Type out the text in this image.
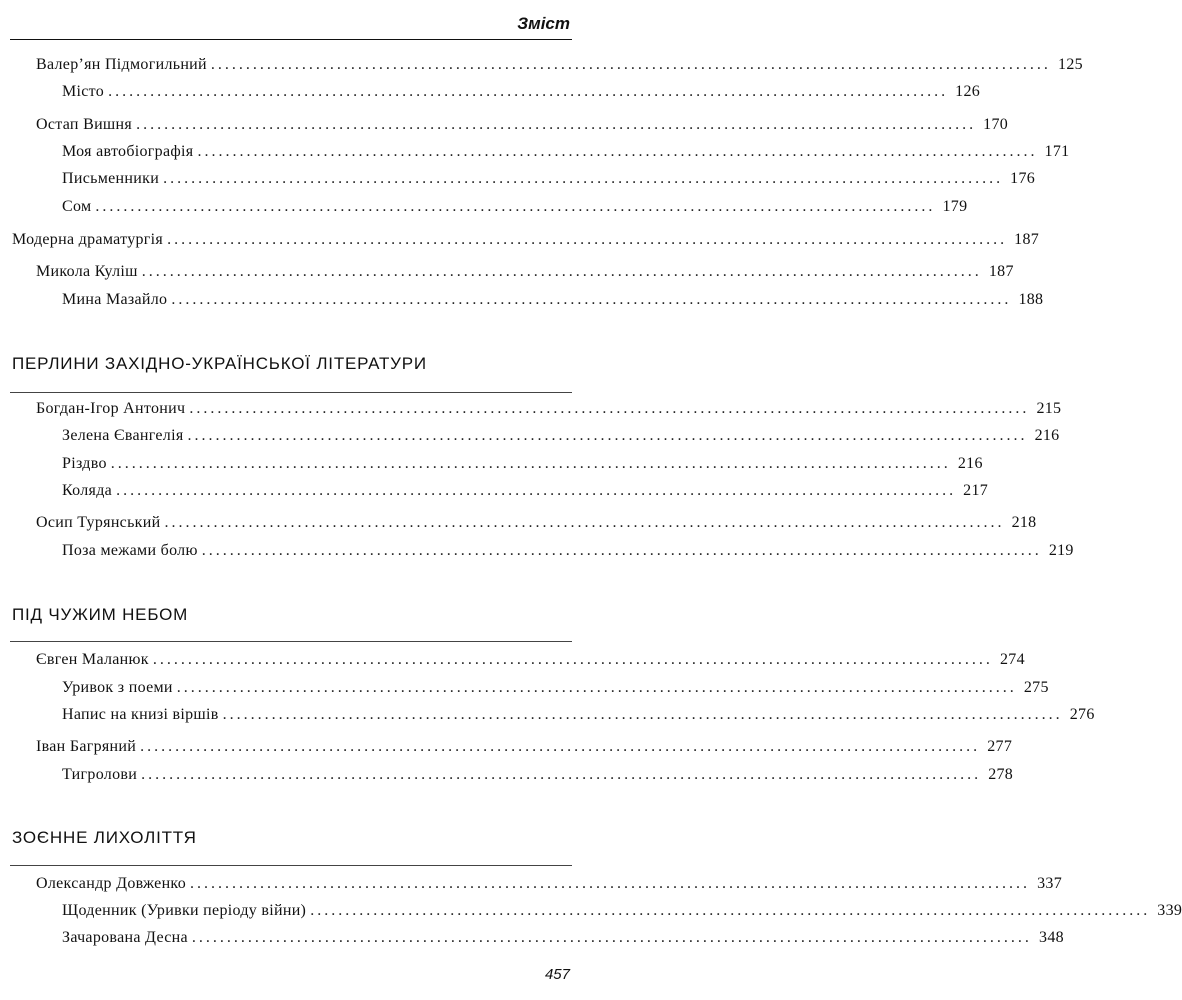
Зміст
Валер’ян Підмогильний ........................................................................................................................ 125
Місто ........................................................................................................................ 126
Остап Вишня ........................................................................................................................ 170
Моя автобіографія ........................................................................................................................ 171
Письменники ........................................................................................................................ 176
Сом ........................................................................................................................ 179
Модерна драматургія ........................................................................................................................ 187
Микола Куліш ........................................................................................................................ 187
Мина Мазайло ........................................................................................................................ 188
ПЕРЛИНИ ЗАХІДНО-УКРАЇНСЬКОЇ ЛІТЕРАТУРИ
Богдан-Ігор Антонич ........................................................................................................................ 215
Зелена Євангелія ........................................................................................................................ 216
Різдво ........................................................................................................................ 216
Коляда ........................................................................................................................ 217
Осип Турянський ........................................................................................................................ 218
Поза межами болю ........................................................................................................................ 219
ПІД ЧУЖИМ НЕБОМ
Євген Маланюк ........................................................................................................................ 274
Уривок з поеми ........................................................................................................................ 275
Напис на книзі віршів ........................................................................................................................ 276
Іван Багряний ........................................................................................................................ 277
Тигролови ........................................................................................................................ 278
ЗОЄННЕ ЛИХОЛІТТЯ
Олександр Довженко ........................................................................................................................ 337
Щоденник (Уривки періоду війни) ........................................................................................................................ 339
Зачарована Десна ........................................................................................................................ 348
457
